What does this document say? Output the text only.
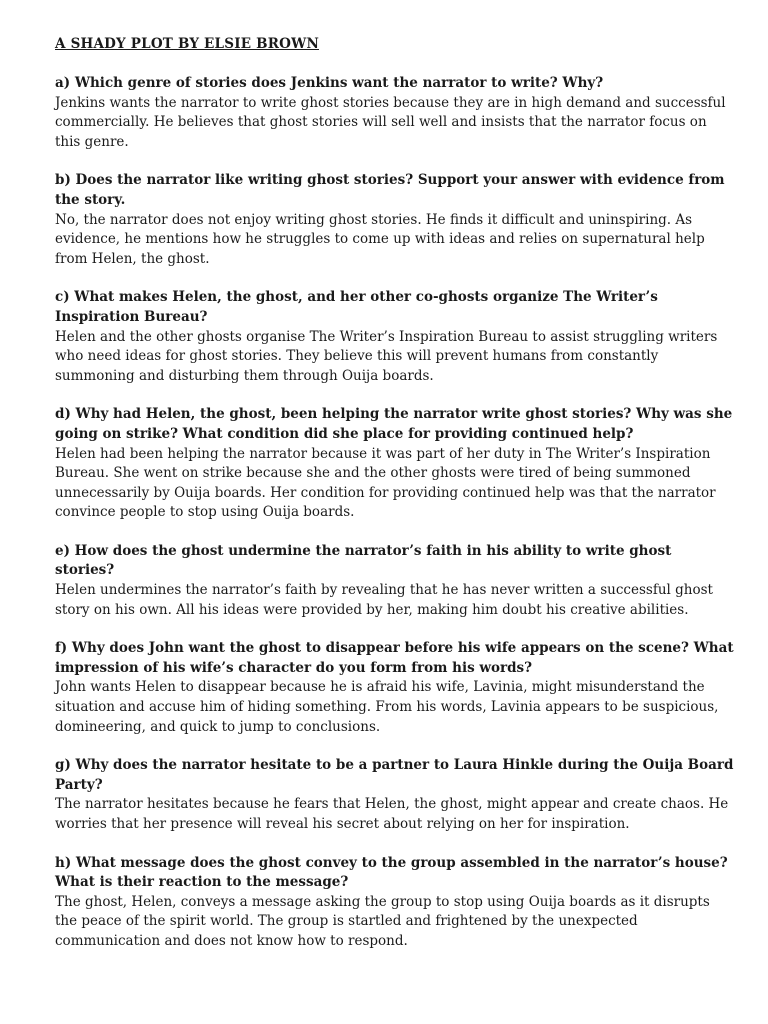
A SHADY PLOT BY ELSIE BROWN

a) Which genre of stories does Jenkins want the narrator to write? Why?

Jenkins wants the narrator to write ghost stories because they are in high demand and successful commercially. He believes that ghost stories will sell well and insists that the narrator focus on this genre.

b) Does the narrator like writing ghost stories? Support your answer with evidence from the story.

No, the narrator does not enjoy writing ghost stories. He finds it difficult and uninspiring. As evidence, he mentions how he struggles to come up with ideas and relies on supernatural help from Helen, the ghost.

c) What makes Helen, the ghost, and her other co-ghosts organize The Writer’s Inspiration Bureau?

Helen and the other ghosts organise The Writer’s Inspiration Bureau to assist struggling writers who need ideas for ghost stories. They believe this will prevent humans from constantly summoning and disturbing them through Ouija boards.

d) Why had Helen, the ghost, been helping the narrator write ghost stories? Why was she going on strike? What condition did she place for providing continued help?

Helen had been helping the narrator because it was part of her duty in The Writer’s Inspiration Bureau. She went on strike because she and the other ghosts were tired of being summoned unnecessarily by Ouija boards. Her condition for providing continued help was that the narrator convince people to stop using Ouija boards.

e) How does the ghost undermine the narrator’s faith in his ability to write ghost stories?

Helen undermines the narrator’s faith by revealing that he has never written a successful ghost story on his own. All his ideas were provided by her, making him doubt his creative abilities.

f) Why does John want the ghost to disappear before his wife appears on the scene? What impression of his wife’s character do you form from his words?

John wants Helen to disappear because he is afraid his wife, Lavinia, might misunderstand the situation and accuse him of hiding something. From his words, Lavinia appears to be suspicious, domineering, and quick to jump to conclusions.

g) Why does the narrator hesitate to be a partner to Laura Hinkle during the Ouija Board Party?

The narrator hesitates because he fears that Helen, the ghost, might appear and create chaos. He worries that her presence will reveal his secret about relying on her for inspiration.

h) What message does the ghost convey to the group assembled in the narrator’s house? What is their reaction to the message?

The ghost, Helen, conveys a message asking the group to stop using Ouija boards as it disrupts the peace of the spirit world. The group is startled and frightened by the unexpected communication and does not know how to respond.
